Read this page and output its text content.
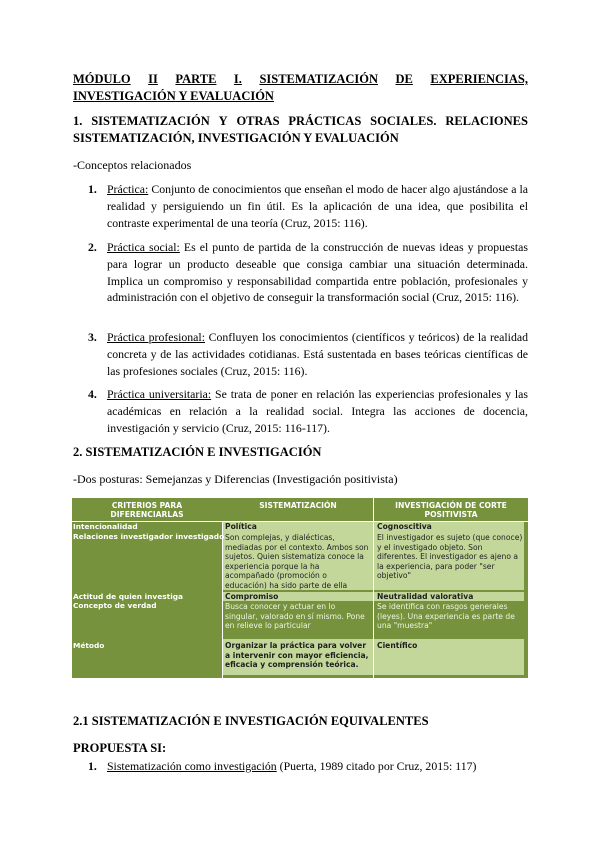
MÓDULO II PARTE I. SISTEMATIZACIÓN DE EXPERIENCIAS,
INVESTIGACIÓN Y EVALUACIÓN
1. SISTEMATIZACIÓN Y OTRAS PRÁCTICAS SOCIALES. RELACIONES
SISTEMATIZACIÓN, INVESTIGACIÓN Y EVALUACIÓN
-Conceptos relacionados
1. Práctica: Conjunto de conocimientos que enseñan el modo de hacer algo ajustándose a la realidad y persiguiendo un fin útil. Es la aplicación de una idea, que posibilita el contraste experimental de una teoría (Cruz, 2015: 116).
2. Práctica social: Es el punto de partida de la construcción de nuevas ideas y propuestas para lograr un producto deseable que consiga cambiar una situación determinada. Implica un compromiso y responsabilidad compartida entre población, profesionales y administración con el objetivo de conseguir la transformación social (Cruz, 2015: 116).
3. Práctica profesional: Confluyen los conocimientos (científicos y teóricos) de la realidad concreta y de las actividades cotidianas. Está sustentada en bases teóricas científicas de las profesiones sociales (Cruz, 2015: 116).
4. Práctica universitaria: Se trata de poner en relación las experiencias profesionales y las académicas en relación a la realidad social. Integra las acciones de docencia, investigación y servicio (Cruz, 2015: 116-117).
2. SISTEMATIZACIÓN E INVESTIGACIÓN
-Dos posturas: Semejanzas y Diferencias (Investigación positivista)
CRITERIOS PARA DIFERENCIARLAS
SISTEMATIZACIÓN	INVESTIGACIÓN DE CORTE POSITIVISTA
Intencionalidad
Relaciones investigador investigado
Actitud de quien investiga
Concepto de verdad
Método
Política
Son complejas, y dialécticas, mediadas por el contexto. Ambos son sujetos. Quien sistematiza conoce la experiencia porque la ha acompañado (promoción o educación) ha sido parte de ella
Compromiso
Busca conocer y actuar en lo singular, valorado en sí mismo. Pone en relieve lo particular
Organizar la práctica para volver a intervenir con mayor eficiencia, eficacia y comprensión teórica.
Cognoscitiva
El investigador es sujeto (que conoce) y el investigado objeto. Son diferentes. El investigador es ajeno a la experiencia, para poder "ser objetivo"
Neutralidad valorativa
Se identifica con rasgos generales (leyes). Una experiencia es parte de una "muestra"
Científico
2.1 SISTEMATIZACIÓN E INVESTIGACIÓN EQUIVALENTES
PROPUESTA SI:
1. Sistematización como investigación (Puerta, 1989 citado por Cruz, 2015: 117)
